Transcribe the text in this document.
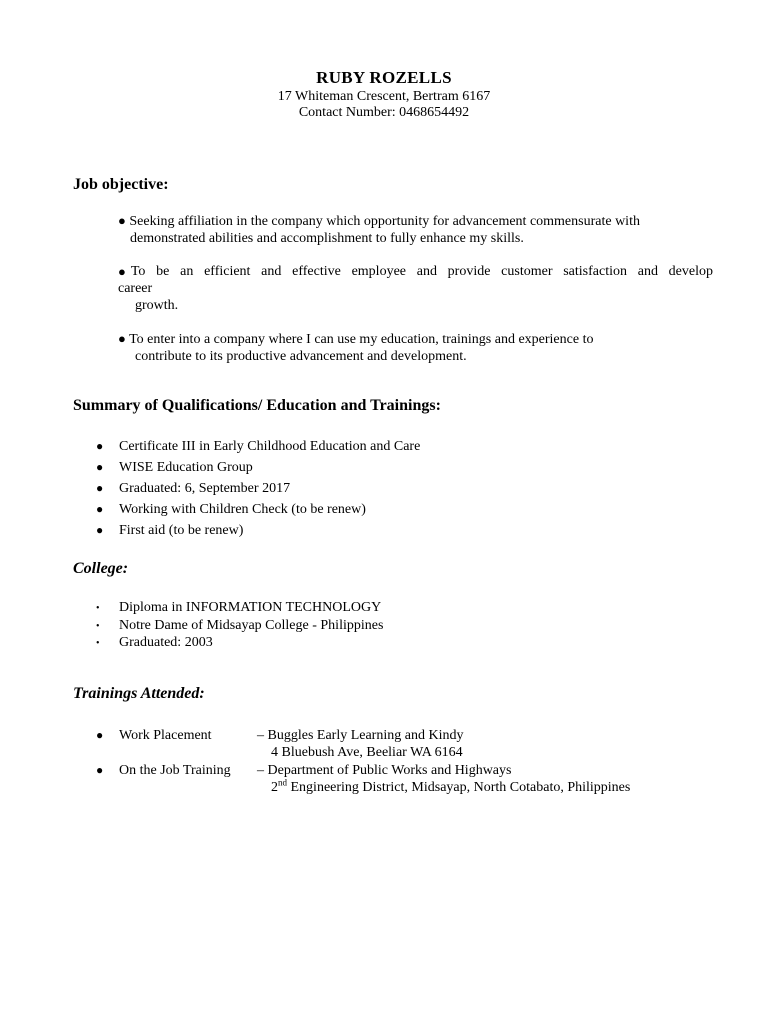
RUBY ROZELLS
17 Whiteman Crescent, Bertram 6167
Contact Number: 0468654492
Job objective:
● Seeking affiliation in the company which opportunity for advancement commensurate with
demonstrated abilities and accomplishment to fully enhance my skills.
● To be an efficient and effective employee and provide customer satisfaction and develop
career
growth.
● To enter into a company where I can use my education, trainings and experience to
contribute to its productive advancement and development.
Summary of Qualifications/ Education and Trainings:
● Certificate III in Early Childhood Education and Care
● WISE Education Group
● Graduated: 6, September 2017
● Working with Children Check (to be renew)
● First aid (to be renew)
College:
• Diploma in INFORMATION TECHNOLOGY
• Notre Dame of Midsayap College - Philippines
• Graduated: 2003
Trainings Attended:
● Work Placement	– Buggles Early Learning and Kindy
4 Bluebush Ave, Beeliar WA 6164
● On the Job Training – Department of Public Works and Highways
2nd Engineering District, Midsayap, North Cotabato, Philippines
